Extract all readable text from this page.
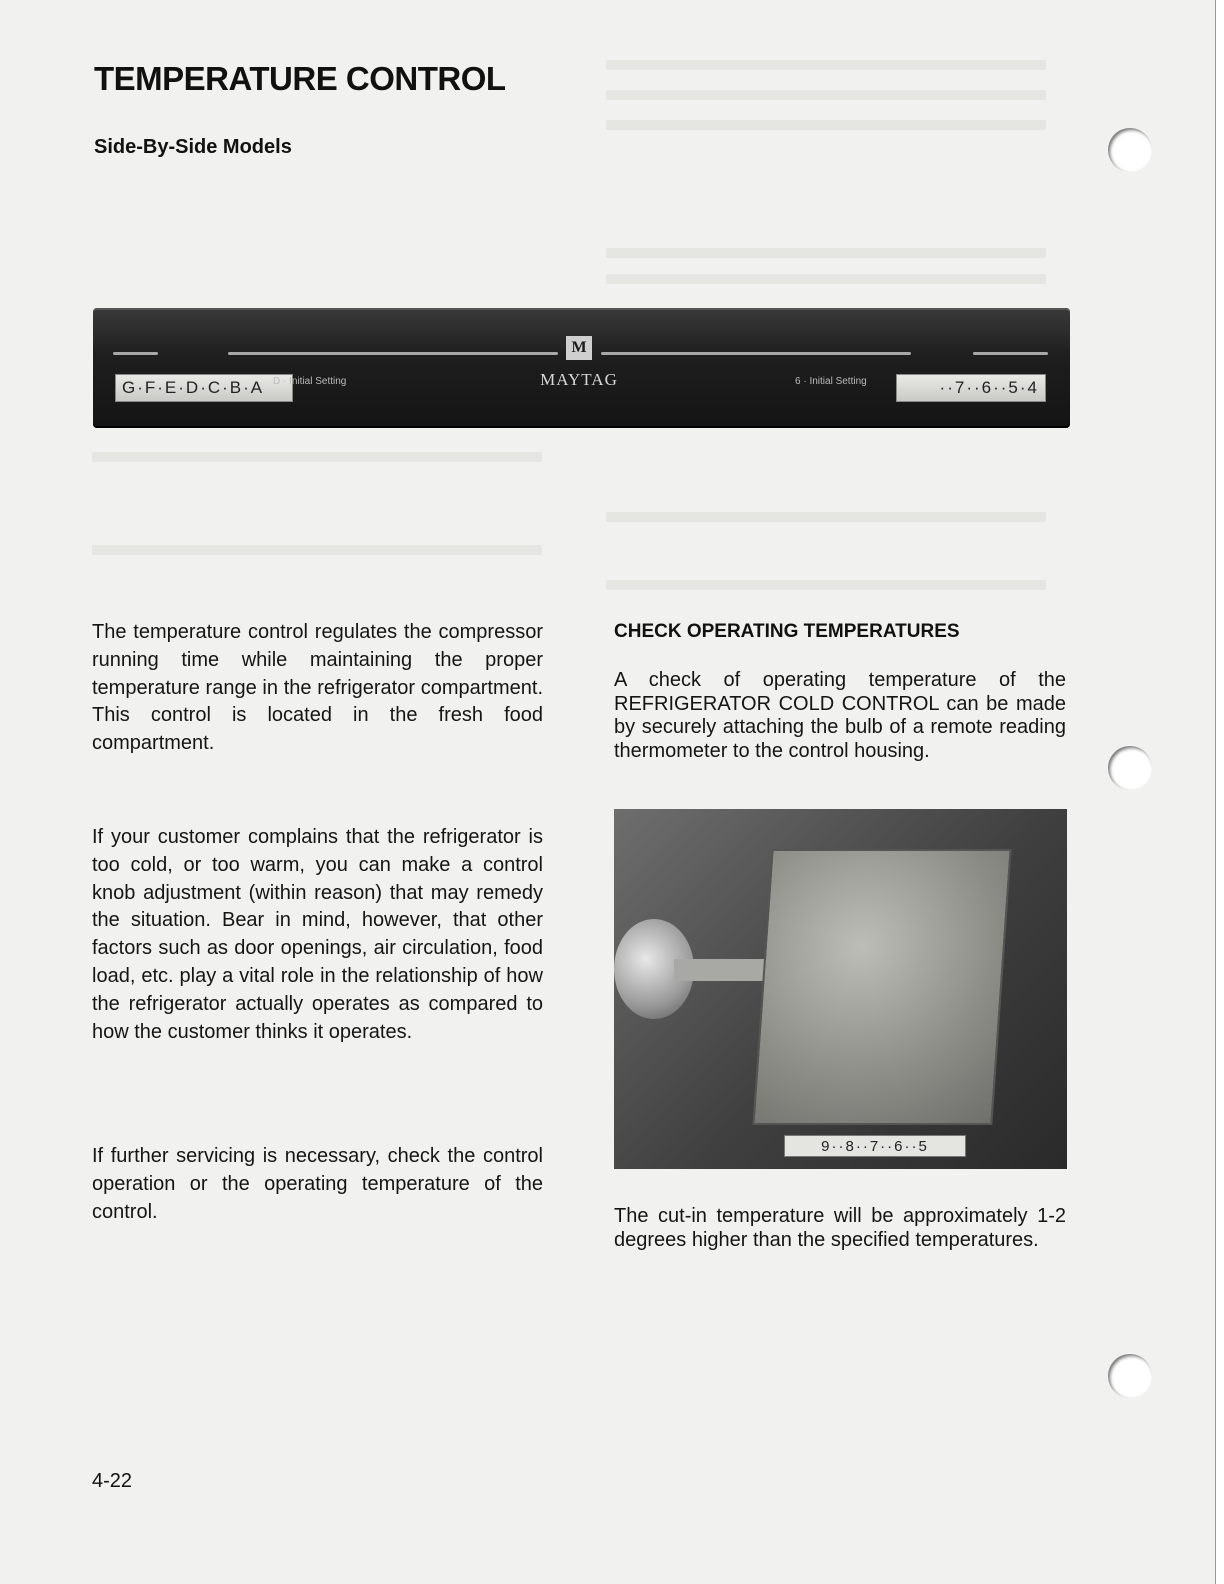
TEMPERATURE CONTROL
Side-By-Side Models
G·F·E·D·C·B·A D · Initial Setting
M
MAYTAG	6 · Initial Setting	··7··6··5·4

The temperature control regulates the compressor running time while maintaining the proper temperature range in the refrigerator compartment. This control is located in the fresh food compartment.

If your customer complains that the refrigerator is too cold, or too warm, you can make a control knob adjustment (within reason) that may remedy the situation. Bear in mind, however, that other factors such as door openings, air circulation, food load, etc. play a vital role in the relationship of how the refrigerator actually operates as compared to how the customer thinks it operates.

If further servicing is necessary, check the control operation or the operating temperature of the control.

CHECK OPERATING TEMPERATURES

A check of operating temperature of the REFRIGERATOR COLD CONTROL can be made by securely attaching the bulb of a remote reading thermometer to the control housing.

9··8··7··6··5

The cut-in temperature will be approximately 1-2 degrees higher than the specified temperatures.

4-22
